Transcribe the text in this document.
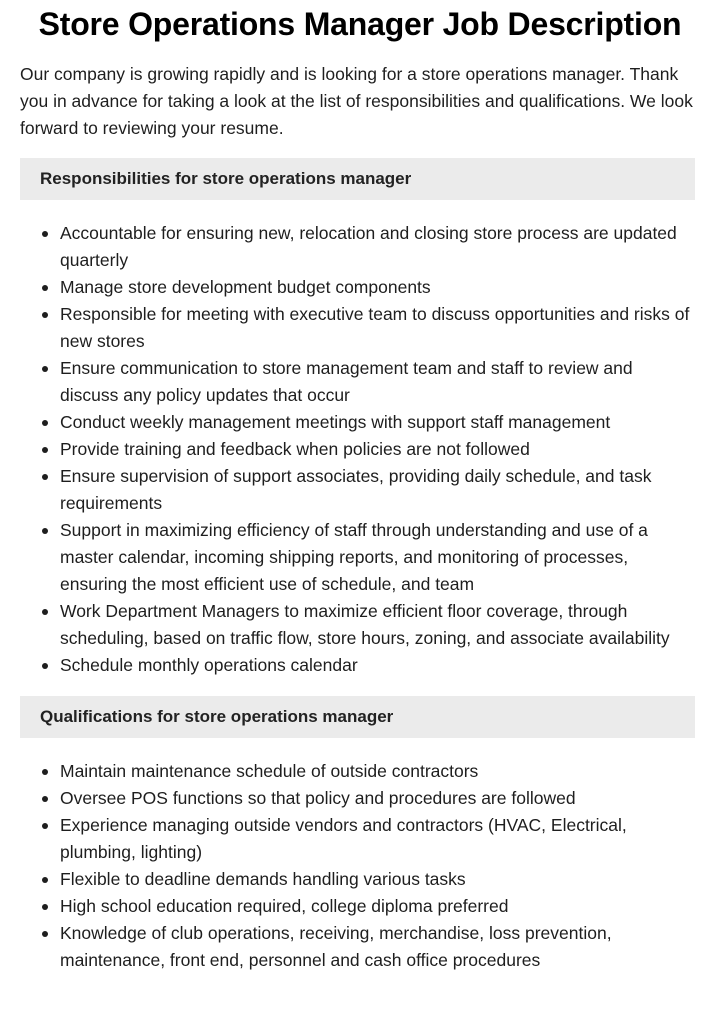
Store Operations Manager Job Description

Our company is growing rapidly and is looking for a store operations manager. Thank you in advance for taking a look at the list of responsibilities and qualifications. We look forward to reviewing your resume.

Responsibilities for store operations manager
Accountable for ensuring new, relocation and closing store process are updated quarterly
Manage store development budget components
Responsible for meeting with executive team to discuss opportunities and risks of new stores
Ensure communication to store management team and staff to review and discuss any policy updates that occur
Conduct weekly management meetings with support staff management
Provide training and feedback when policies are not followed
Ensure supervision of support associates, providing daily schedule, and task requirements
Support in maximizing efficiency of staff through understanding and use of a master calendar, incoming shipping reports, and monitoring of processes, ensuring the most efficient use of schedule, and team
Work Department Managers to maximize efficient floor coverage, through scheduling, based on traffic flow, store hours, zoning, and associate availability
Schedule monthly operations calendar
Qualifications for store operations manager
Maintain maintenance schedule of outside contractors
Oversee POS functions so that policy and procedures are followed
Experience managing outside vendors and contractors (HVAC, Electrical, plumbing, lighting)
Flexible to deadline demands handling various tasks
High school education required, college diploma preferred
Knowledge of club operations, receiving, merchandise, loss prevention, maintenance, front end, personnel and cash office procedures
